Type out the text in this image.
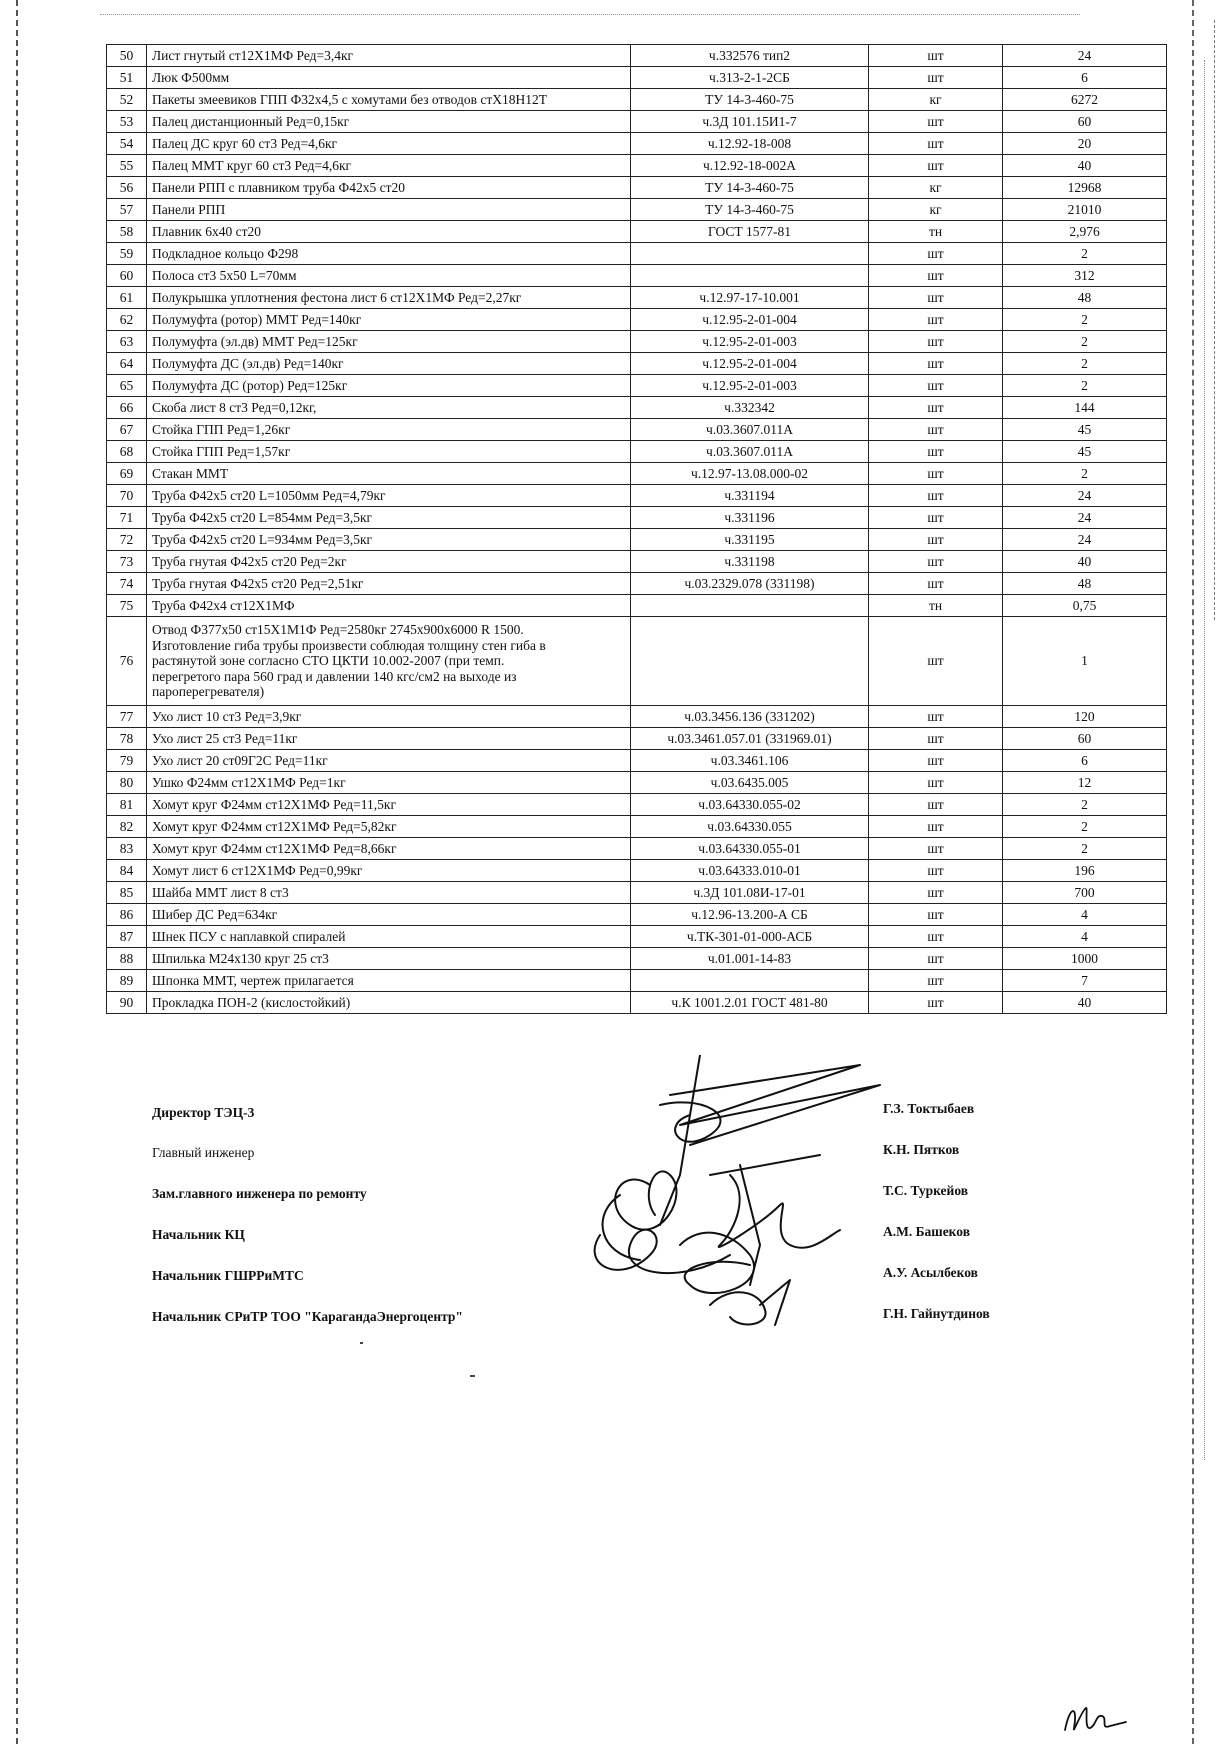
50	Лист гнутый ст12Х1МФ Ред=3,4кг	ч.332576 тип2	шт	24
51	Люк Ф500мм	ч.313-2-1-2СБ	шт	6
52	Пакеты змеевиков ГПП Ф32х4,5 с хомутами без отводов стХ18Н12Т	ТУ 14-3-460-75	кг	6272
53	Палец дистанционный Ред=0,15кг	ч.3Д 101.15И1-7	шт	60
54	Палец ДС круг 60 ст3 Ред=4,6кг	ч.12.92-18-008	шт	20
55	Палец ММТ круг 60 ст3 Ред=4,6кг	ч.12.92-18-002А	шт	40
56	Панели РПП с плавником труба Ф42х5 ст20	ТУ 14-3-460-75	кг	12968
57	Панели РПП	ТУ 14-3-460-75	кг	21010
58	Плавник 6х40 ст20	ГОСТ 1577-81	тн	2,976
59	Подкладное кольцо Ф298		шт	2
60	Полоса ст3 5х50 L=70мм		шт	312
61	Полукрышка уплотнения фестона лист 6 ст12Х1МФ Ред=2,27кг	ч.12.97-17-10.001	шт	48
62	Полумуфта (ротор) ММТ Ред=140кг	ч.12.95-2-01-004	шт	2
63	Полумуфта (эл.дв) ММТ Ред=125кг	ч.12.95-2-01-003	шт	2
64	Полумуфта ДС (эл.дв) Ред=140кг	ч.12.95-2-01-004	шт	2
65	Полумуфта ДС (ротор) Ред=125кг	ч.12.95-2-01-003	шт	2
66	Скоба лист 8 ст3 Ред=0,12кг,	ч.332342	шт	144
67	Стойка ГПП Ред=1,26кг	ч.03.3607.011А	шт	45
68	Стойка ГПП Ред=1,57кг	ч.03.3607.011А	шт	45
69	Стакан ММТ	ч.12.97-13.08.000-02	шт	2
70	Труба Ф42х5 ст20 L=1050мм Ред=4,79кг	ч.331194	шт	24
71	Труба Ф42х5 ст20 L=854мм Ред=3,5кг	ч.331196	шт	24
72	Труба Ф42х5 ст20 L=934мм Ред=3,5кг	ч.331195	шт	24
73	Труба гнутая Ф42х5 ст20 Ред=2кг	ч.331198	шт	40
74	Труба гнутая Ф42х5 ст20 Ред=2,51кг	ч.03.2329.078 (331198)	шт	48
75	Труба Ф42х4 ст12Х1МФ		тн	0,75
76	Отвод Ф377х50 ст15Х1М1Ф Ред=2580кг 2745х900х6000 R 1500.
Изготовление гиба трубы произвести соблюдая толщину стен гиба в
растянутой зоне согласно СТО ЦКТИ 10.002-2007 (при темп.
перегретого пара 560 град и давлении 140 кгс/см2 на выходе из
пароперегревателя)		шт	1
77	Ухо лист 10 ст3 Ред=3,9кг	ч.03.3456.136 (331202)	шт	120
78	Ухо лист 25 ст3 Ред=11кг	ч.03.3461.057.01 (331969.01)	шт	60
79	Ухо лист 20 ст09Г2С Ред=11кг	ч.03.3461.106	шт	6
80	Ушко Ф24мм ст12Х1МФ Ред=1кг	ч.03.6435.005	шт	12
81	Хомут круг Ф24мм ст12Х1МФ Ред=11,5кг	ч.03.64330.055-02	шт	2
82	Хомут круг Ф24мм ст12Х1МФ Ред=5,82кг	ч.03.64330.055	шт	2
83	Хомут круг Ф24мм ст12Х1МФ Ред=8,66кг	ч.03.64330.055-01	шт	2
84	Хомут лист 6 ст12Х1МФ Ред=0,99кг	ч.03.64333.010-01	шт	196
85	Шайба ММТ лист 8 ст3	ч.3Д 101.08И-17-01	шт	700
86	Шибер ДС Ред=634кг	ч.12.96-13.200-А СБ	шт	4
87	Шнек ПСУ с наплавкой спиралей	ч.ТК-301-01-000-АСБ	шт	4
88	Шпилька М24х130 круг 25 ст3	ч.01.001-14-83	шт	1000
89	Шпонка ММТ, чертеж прилагается		шт	7
90	Прокладка ПОН-2 (кислостойкий)	ч.К 1001.2.01 ГОСТ 481-80	шт	40
Директор ТЭЦ-3
Главный инженер
Зам.главного инженера по ремонту
Начальник КЦ
Начальник ГШРРиМТС
Начальник СРиТР ТОО "КарагандаЭнергоцентр"
Г.З. Токтыбаев
К.Н. Пятков
Т.С. Туркейов
А.М. Башеков
А.У. Асылбеков
Г.Н. Гайнутдинов
